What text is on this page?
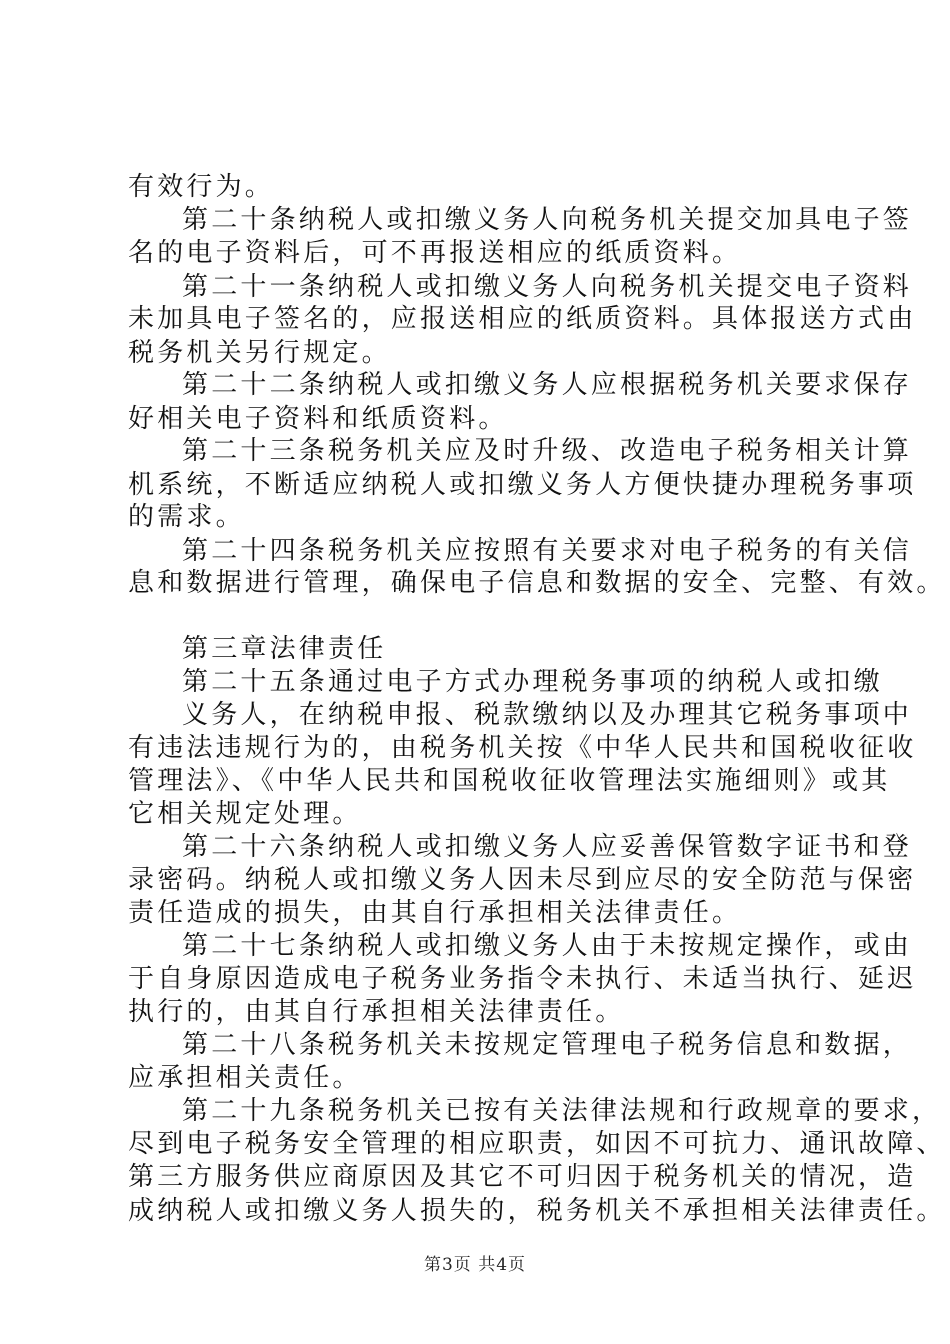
有效行为。
第二十条纳税人或扣缴义务人向税务机关提交加具电子签
名的电子资料后，可不再报送相应的纸质资料。
第二十一条纳税人或扣缴义务人向税务机关提交电子资料
未加具电子签名的，应报送相应的纸质资料。具体报送方式由
税务机关另行规定。
第二十二条纳税人或扣缴义务人应根据税务机关要求保存
好相关电子资料和纸质资料。
第二十三条税务机关应及时升级、改造电子税务相关计算
机系统，不断适应纳税人或扣缴义务人方便快捷办理税务事项
的需求。
第二十四条税务机关应按照有关要求对电子税务的有关信
息和数据进行管理，确保电子信息和数据的安全、完整、有效。
第三章法律责任
第二十五条通过电子方式办理税务事项的纳税人或扣缴
义务人，在纳税申报、税款缴纳以及办理其它税务事项中
有违法违规行为的，由税务机关按《中华人民共和国税收征收
管理法》、《中华人民共和国税收征收管理法实施细则》或其
它相关规定处理。
第二十六条纳税人或扣缴义务人应妥善保管数字证书和登
录密码。纳税人或扣缴义务人因未尽到应尽的安全防范与保密
责任造成的损失，由其自行承担相关法律责任。
第二十七条纳税人或扣缴义务人由于未按规定操作，或由
于自身原因造成电子税务业务指令未执行、未适当执行、延迟
执行的，由其自行承担相关法律责任。
第二十八条税务机关未按规定管理电子税务信息和数据，
应承担相关责任。
第二十九条税务机关已按有关法律法规和行政规章的要求，
尽到电子税务安全管理的相应职责，如因不可抗力、通讯故障、
第三方服务供应商原因及其它不可归因于税务机关的情况，造
成纳税人或扣缴义务人损失的，税务机关不承担相关法律责任。
第3页 共4页
